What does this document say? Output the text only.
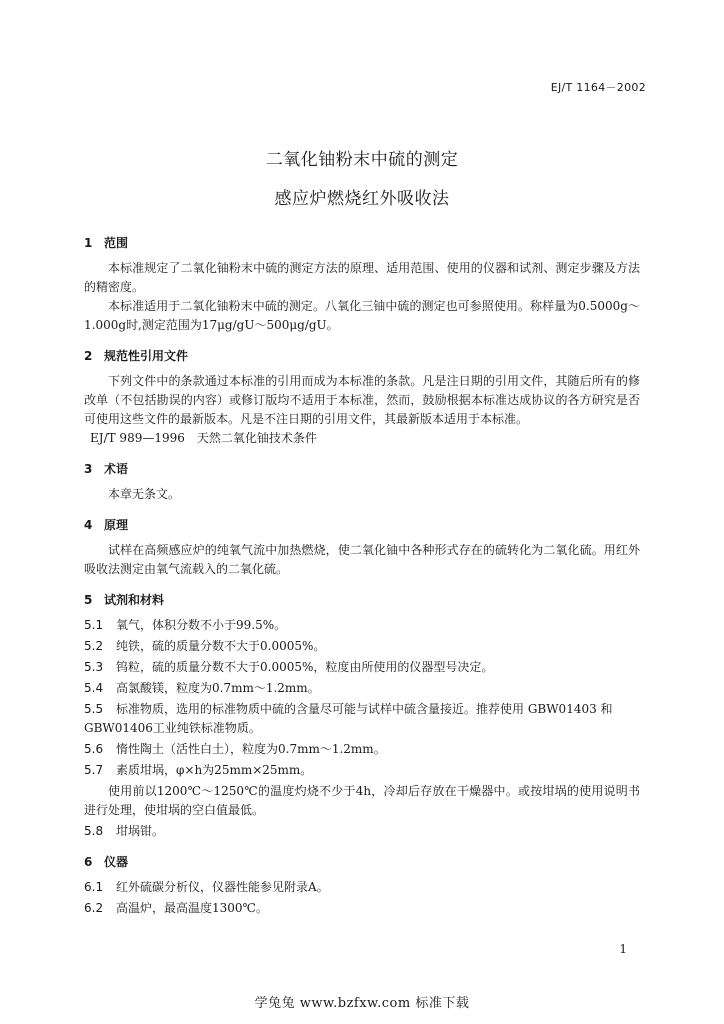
EJ/T 1164－2002
二氧化铀粉末中硫的测定
感应炉燃烧红外吸收法
1 范围

本标准规定了二氧化铀粉末中硫的测定方法的原理、适用范围、使用的仪器和试剂、测定步骤及方法的精密度。

本标准适用于二氧化铀粉末中硫的测定。八氧化三铀中硫的测定也可参照使用。称样量为0.5000g～1.000g时,测定范围为17μg/gU～500μg/gU。

2 规范性引用文件

下列文件中的条款通过本标准的引用而成为本标准的条款。凡是注日期的引用文件，其随后所有的修改单（不包括勘误的内容）或修订版均不适用于本标准，然而，鼓励根据本标准达成协议的各方研究是否可使用这些文件的最新版本。凡是不注日期的引用文件，其最新版本适用于本标准。

EJ/T 989—1996　天然二氧化铀技术条件

3 术语

本章无条文。

4 原理

试样在高频感应炉的纯氧气流中加热燃烧，使二氧化铀中各种形式存在的硫转化为二氧化硫。用红外吸收法测定由氧气流载入的二氧化硫。

5 试剂和材料
5.1 氧气，体积分数不小于99.5%。
5.2 纯铁，硫的质量分数不大于0.0005%。
5.3 钨粒，硫的质量分数不大于0.0005%，粒度由所使用的仪器型号决定。
5.4 高氯酸镁，粒度为0.7mm～1.2mm。
5.5 标准物质，选用的标准物质中硫的含量尽可能与试样中硫含量接近。推荐使用 GBW01403 和GBW01406工业纯铁标准物质。
5.6 惰性陶土（活性白土），粒度为0.7mm～1.2mm。
5.7 素质坩埚，φ×h为25mm×25mm。

使用前以1200℃～1250℃的温度灼烧不少于4h，冷却后存放在干燥器中。或按坩埚的使用说明书进行处理，使坩埚的空白值最低。

5.8 坩埚钳。
6 仪器
6.1 红外硫碳分析仪，仪器性能参见附录A。
6.2 高温炉，最高温度1300℃。
1
学兔兔 www.bzfxw.com 标准下载
